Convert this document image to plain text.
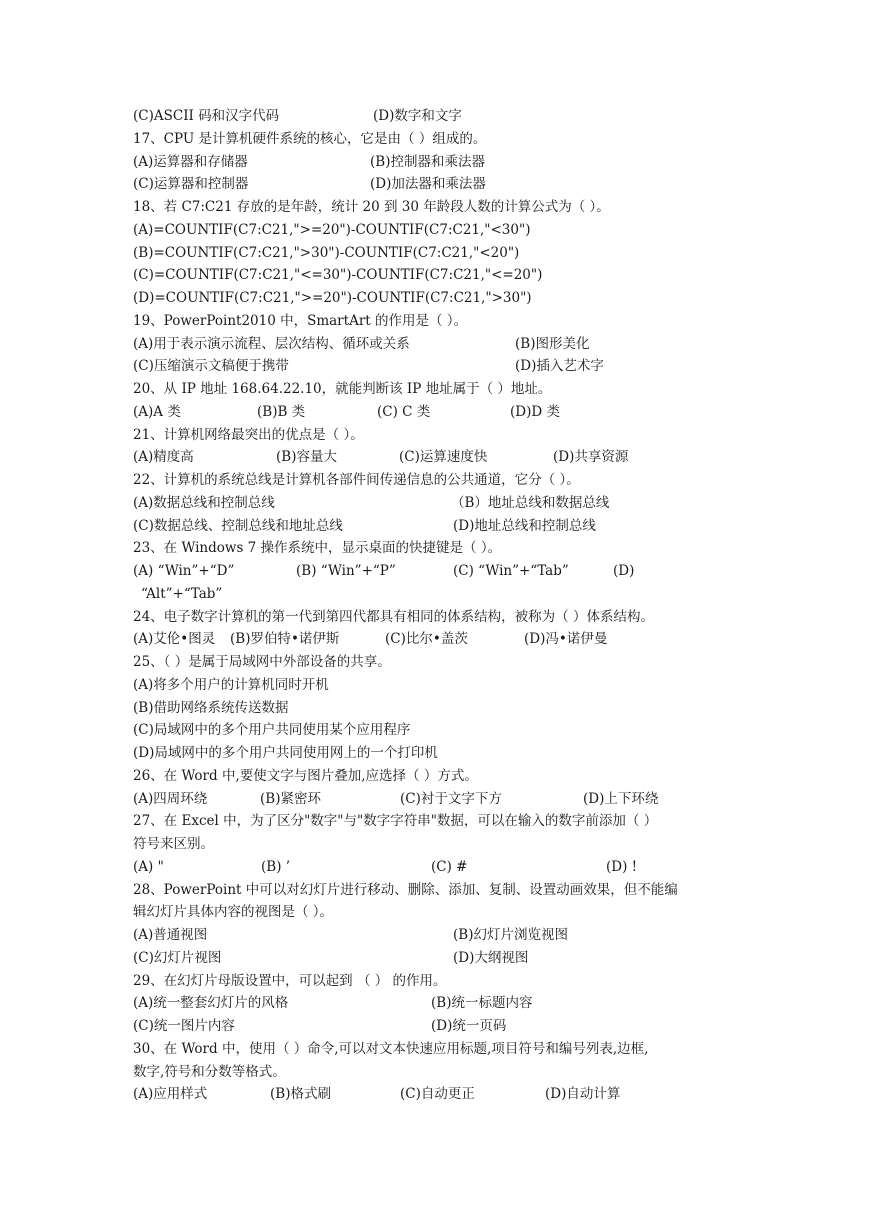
(C)ASCII 码和汉字代码	(D)数字和文字
17、CPU 是计算机硬件系统的核心，它是由（ ）组成的。
(A)运算器和存储器	(B)控制器和乘法器
(C)运算器和控制器	(D)加法器和乘法器
18、若 C7:C21 存放的是年龄，统计 20 到 30 年龄段人数的计算公式为（ ）。
(A)=COUNTIF(C7:C21,">=20")-COUNTIF(C7:C21,"<30")
(B)=COUNTIF(C7:C21,">30")-COUNTIF(C7:C21,"<20")
(C)=COUNTIF(C7:C21,"<=30")-COUNTIF(C7:C21,"<=20")
(D)=COUNTIF(C7:C21,">=20")-COUNTIF(C7:C21,">30")
19、PowerPoint2010 中，SmartArt 的作用是（ ）。
(A)用于表示演示流程、层次结构、循环或关系	(B)图形美化
(C)压缩演示文稿便于携带	(D)插入艺术字
20、从 IP 地址 168.64.22.10，就能判断该 IP 地址属于（ ）地址。
(A)A 类	(B)B 类	(C) C 类	(D)D 类
21、计算机网络最突出的优点是（ ）。
(A)精度高	(B)容量大	(C)运算速度快	(D)共享资源
22、计算机的系统总线是计算机各部件间传递信息的公共通道，它分（ ）。
(A)数据总线和控制总线	（B）地址总线和数据总线
(C)数据总线、控制总线和地址总线	(D)地址总线和控制总线
23、在 Windows 7 操作系统中，显示桌面的快捷键是（ ）。
(A) “Win”+“D”	(B) “Win”+“P”	(C) “Win”+“Tab”	(D)
“Alt”+“Tab”
24、电子数字计算机的第一代到第四代都具有相同的体系结构，被称为（ ）体系结构。
(A)艾伦•图灵 (B)罗伯特•诺伊斯	(C)比尔•盖茨	(D)冯•诺伊曼
25、（ ）是属于局域网中外部设备的共享。
(A)将多个用户的计算机同时开机
(B)借助网络系统传送数据
(C)局域网中的多个用户共同使用某个应用程序
(D)局域网中的多个用户共同使用网上的一个打印机
26、在 Word 中,要使文字与图片叠加,应选择（ ）方式。
(A)四周环绕	(B)紧密环	(C)衬于文字下方	(D)上下环绕
27、在 Excel 中，为了区分"数字"与"数字字符串"数据，可以在输入的数字前添加（ ）
符号来区别。
(A) "	(B) ’	(C) #	(D) !
28、PowerPoint 中可以对幻灯片进行移动、删除、添加、复制、设置动画效果，但不能编
辑幻灯片具体内容的视图是（ ）。
(A)普通视图	(B)幻灯片浏览视图
(C)幻灯片视图	(D)大纲视图
29、在幻灯片母版设置中，可以起到 （ ） 的作用。
(A)统一整套幻灯片的风格	(B)统一标题内容
(C)统一图片内容	(D)统一页码
30、在 Word 中，使用（ ）命令,可以对文本快速应用标题,项目符号和编号列表,边框,
数字,符号和分数等格式。
(A)应用样式	(B)格式刷	(C)自动更正	(D)自动计算
